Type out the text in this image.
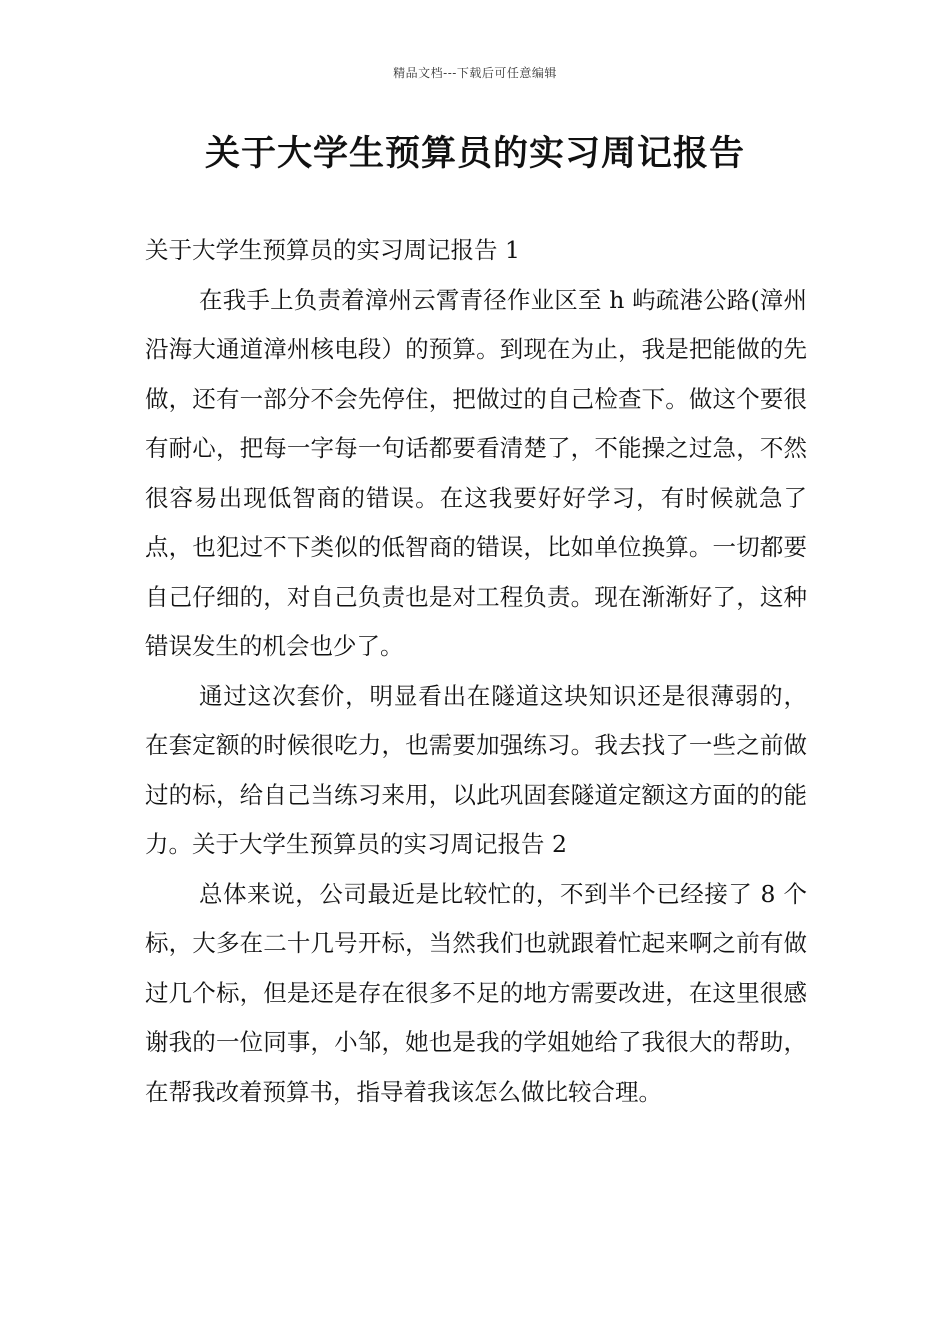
精品文档---下载后可任意编辑
关于大学生预算员的实习周记报告
关于大学生预算员的实习周记报告 1

在我手上负责着漳州云霄青径作业区至 h 屿疏港公路(漳州沿海大通道漳州核电段）的预算。到现在为止，我是把能做的先做，还有一部分不会先停住，把做过的自己检查下。做这个要很有耐心，把每一字每一句话都要看清楚了，不能操之过急，不然很容易出现低智商的错误。在这我要好好学习，有时候就急了点，也犯过不下类似的低智商的错误，比如单位换算。一切都要自己仔细的，对自己负责也是对工程负责。现在渐渐好了，这种错误发生的机会也少了。

通过这次套价，明显看出在隧道这块知识还是很薄弱的，在套定额的时候很吃力，也需要加强练习。我去找了一些之前做过的标，给自己当练习来用，以此巩固套隧道定额这方面的的能力。关于大学生预算员的实习周记报告 2

总体来说，公司最近是比较忙的，不到半个已经接了 8 个标，大多在二十几号开标，当然我们也就跟着忙起来啊之前有做过几个标，但是还是存在很多不足的地方需要改进，在这里很感谢我的一位同事，小邹，她也是我的学姐她给了我很大的帮助，在帮我改着预算书，指导着我该怎么做比较合理。
